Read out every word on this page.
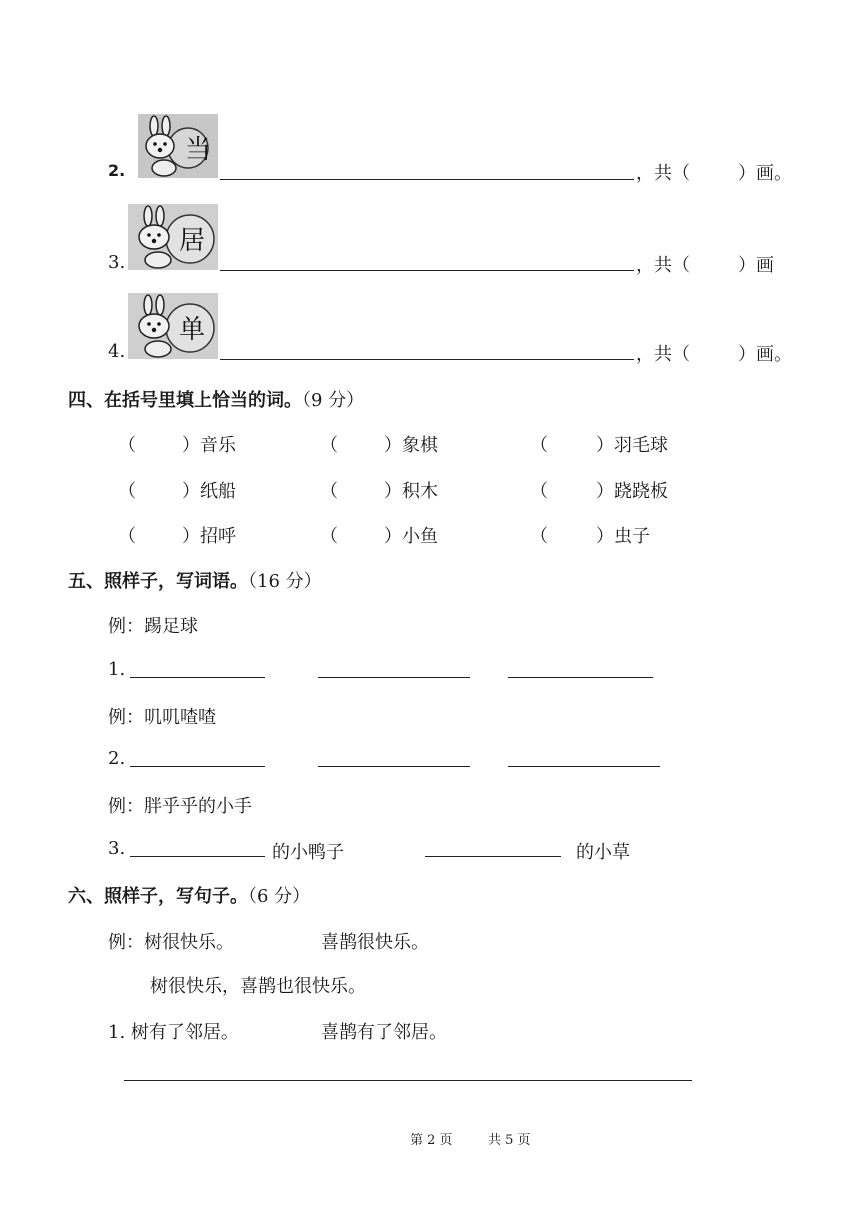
2.
当
，共（	）画。
3.
居
，共（	）画
4.
单
，共（	）画。
四、在括号里填上恰当的词。（9 分）
（	）音乐	（	）象棋	（	）羽毛球
（	）纸船	（	）积木	（	）跷跷板
（	）招呼	（	）小鱼	（	）虫子
五、照样子，写词语。（16 分）
例：踢足球
1.
例：叽叽喳喳
2.
例：胖乎乎的小手
3.	的小鸭子	的小草
六、照样子，写句子。（6 分）
例：树很快乐。	喜鹊很快乐。
树很快乐，喜鹊也很快乐。
1. 树有了邻居。	喜鹊有了邻居。
第 2 页	共 5 页
